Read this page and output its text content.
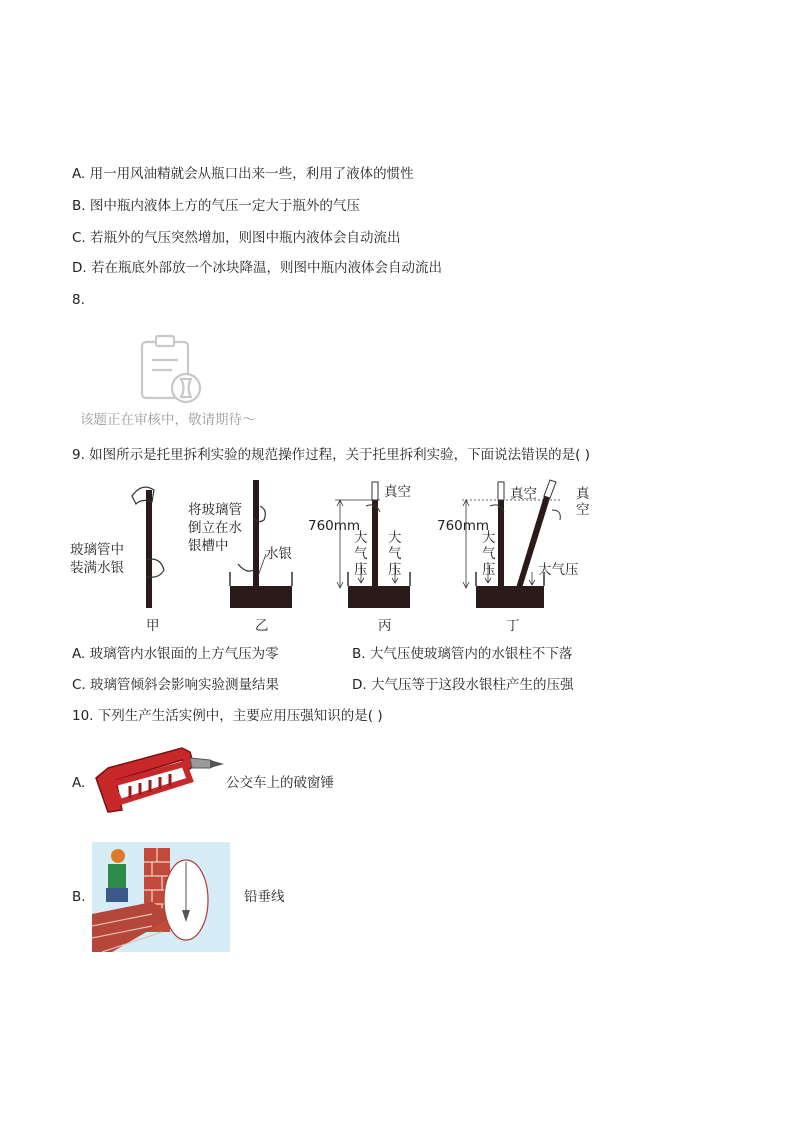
A. 用一用风油精就会从瓶口出来一些，利用了液体的惯性
B. 图中瓶内液体上方的气压一定大于瓶外的气压
C. 若瓶外的气压突然增加，则图中瓶内液体会自动流出
D. 若在瓶底外部放一个冰块降温，则图中瓶内液体会自动流出
8.
该题正在审核中，敬请期待～
9. 如图所示是托里拆利实验的规范操作过程，关于托里拆利实验，下面说法错误的是( )
玻璃管中
装满水银
将玻璃管
倒立在水
银槽中	水银
真空
760mm
大
气
压
大
气
压
真空
760mm
大
气
压	大气压
真
空
甲	乙	丙	丁
A. 玻璃管内水银面的上方气压为零	B. 大气压使玻璃管内的水银柱不下落
C. 玻璃管倾斜会影响实验测量结果	D. 大气压等于这段水银柱产生的压强
10. 下列生产生活实例中，主要应用压强知识的是( )
A.	公交车上的破窗锤
B.	铅垂线
